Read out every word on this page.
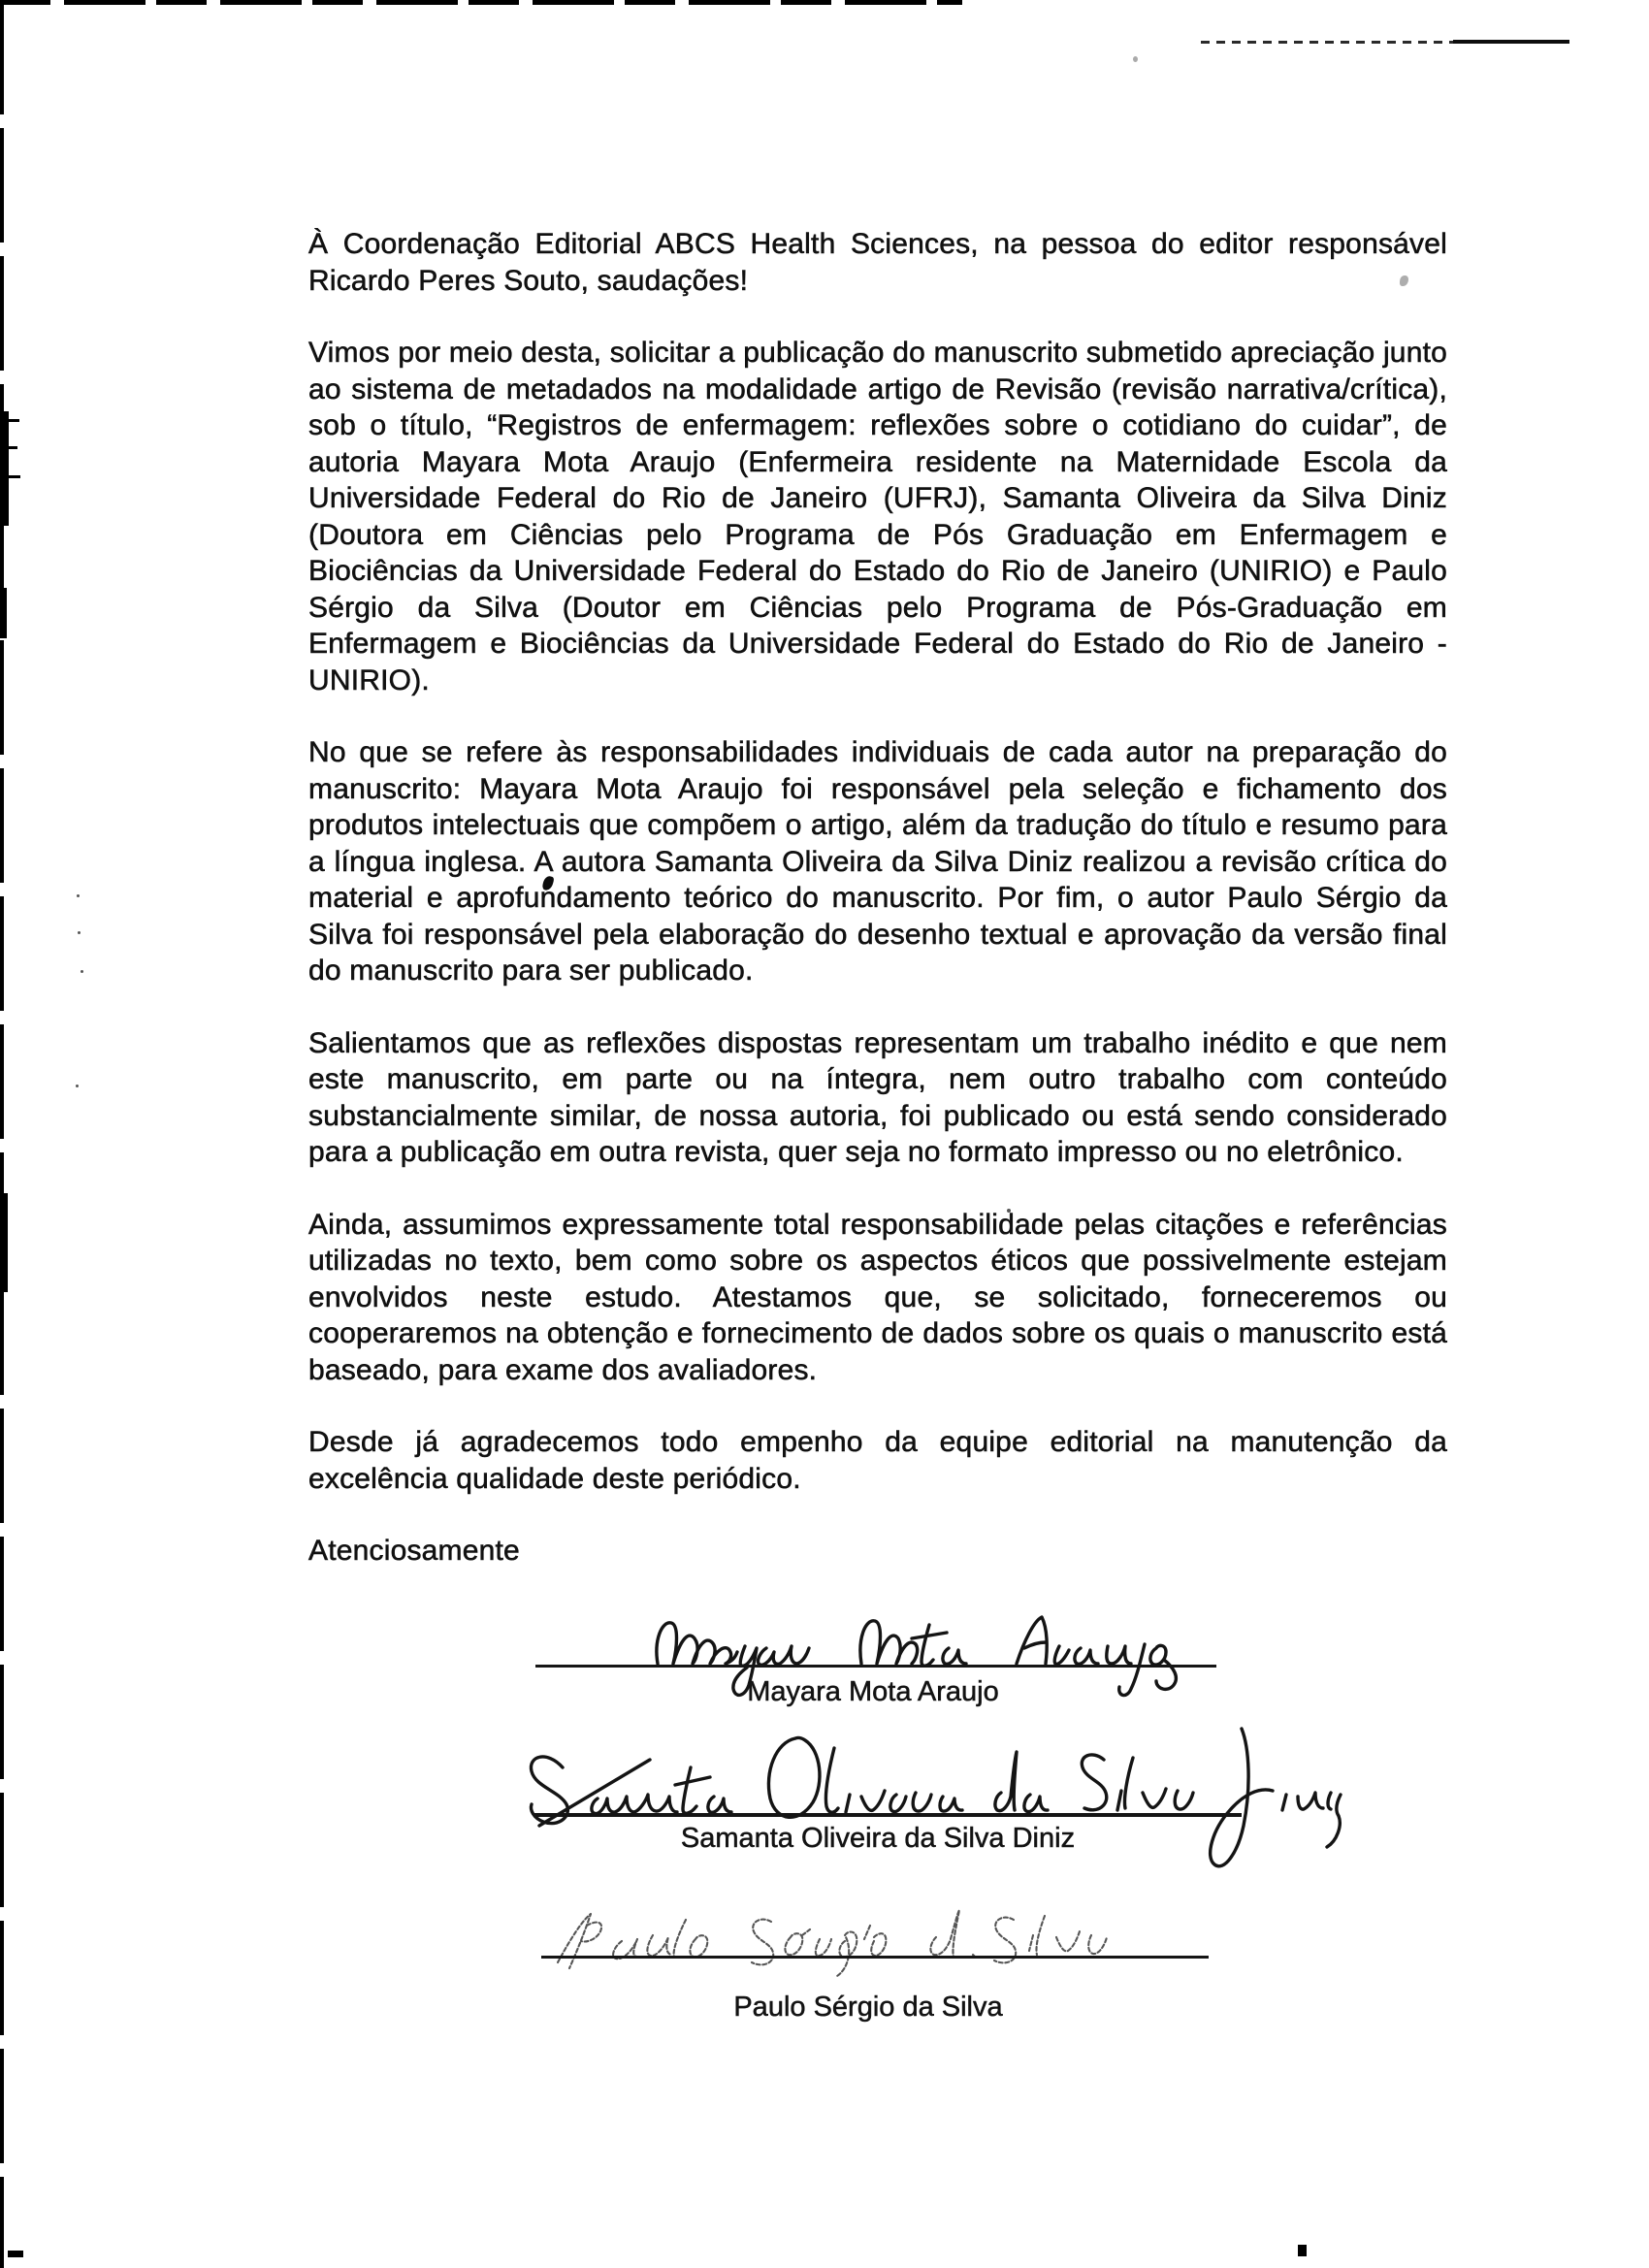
À Coordenação Editorial ABCS Health Sciences, na pessoa do editor responsável Ricardo Peres Souto, saudações!

Vimos por meio desta, solicitar a publicação do manuscrito submetido apreciação junto ao sistema de metadados na modalidade artigo de Revisão (revisão narrativa/crítica), sob o título, “Registros de enfermagem: reflexões sobre o cotidiano do cuidar”, de autoria Mayara Mota Araujo (Enfermeira residente na Maternidade Escola da Universidade Federal do Rio de Janeiro (UFRJ), Samanta Oliveira da Silva Diniz (Doutora em Ciências pelo Programa de Pós Graduação em Enfermagem e Biociências da Universidade Federal do Estado do Rio de Janeiro (UNIRIO) e Paulo Sérgio da Silva (Doutor em Ciências pelo Programa de Pós-Graduação em Enfermagem e Biociências da Universidade Federal do Estado do Rio de Janeiro - UNIRIO).

No que se refere às responsabilidades individuais de cada autor na preparação do manuscrito: Mayara Mota Araujo foi responsável pela seleção e fichamento dos produtos intelectuais que compõem o artigo, além da tradução do título e resumo para a língua inglesa. A autora Samanta Oliveira da Silva Diniz realizou a revisão crítica do material e aprofundamento teórico do manuscrito. Por fim, o autor Paulo Sérgio da Silva foi responsável pela elaboração do desenho textual e aprovação da versão final do manuscrito para ser publicado.

Salientamos que as reflexões dispostas representam um trabalho inédito e que nem este manuscrito, em parte ou na íntegra, nem outro trabalho com conteúdo substancialmente similar, de nossa autoria, foi publicado ou está sendo considerado para a publicação em outra revista, quer seja no formato impresso ou no eletrônico.

Ainda, assumimos expressamente total responsabilidade pelas citações e referências utilizadas no texto, bem como sobre os aspectos éticos que possivelmente estejam envolvidos neste estudo. Atestamos que, se solicitado, forneceremos ou cooperaremos na obtenção e fornecimento de dados sobre os quais o manuscrito está baseado, para exame dos avaliadores.

Desde já agradecemos todo empenho da equipe editorial na manutenção da excelência qualidade deste periódico.

Atenciosamente

Mayara Mota Araujo
Samanta Oliveira da Silva Diniz
Paulo Sérgio da Silva
